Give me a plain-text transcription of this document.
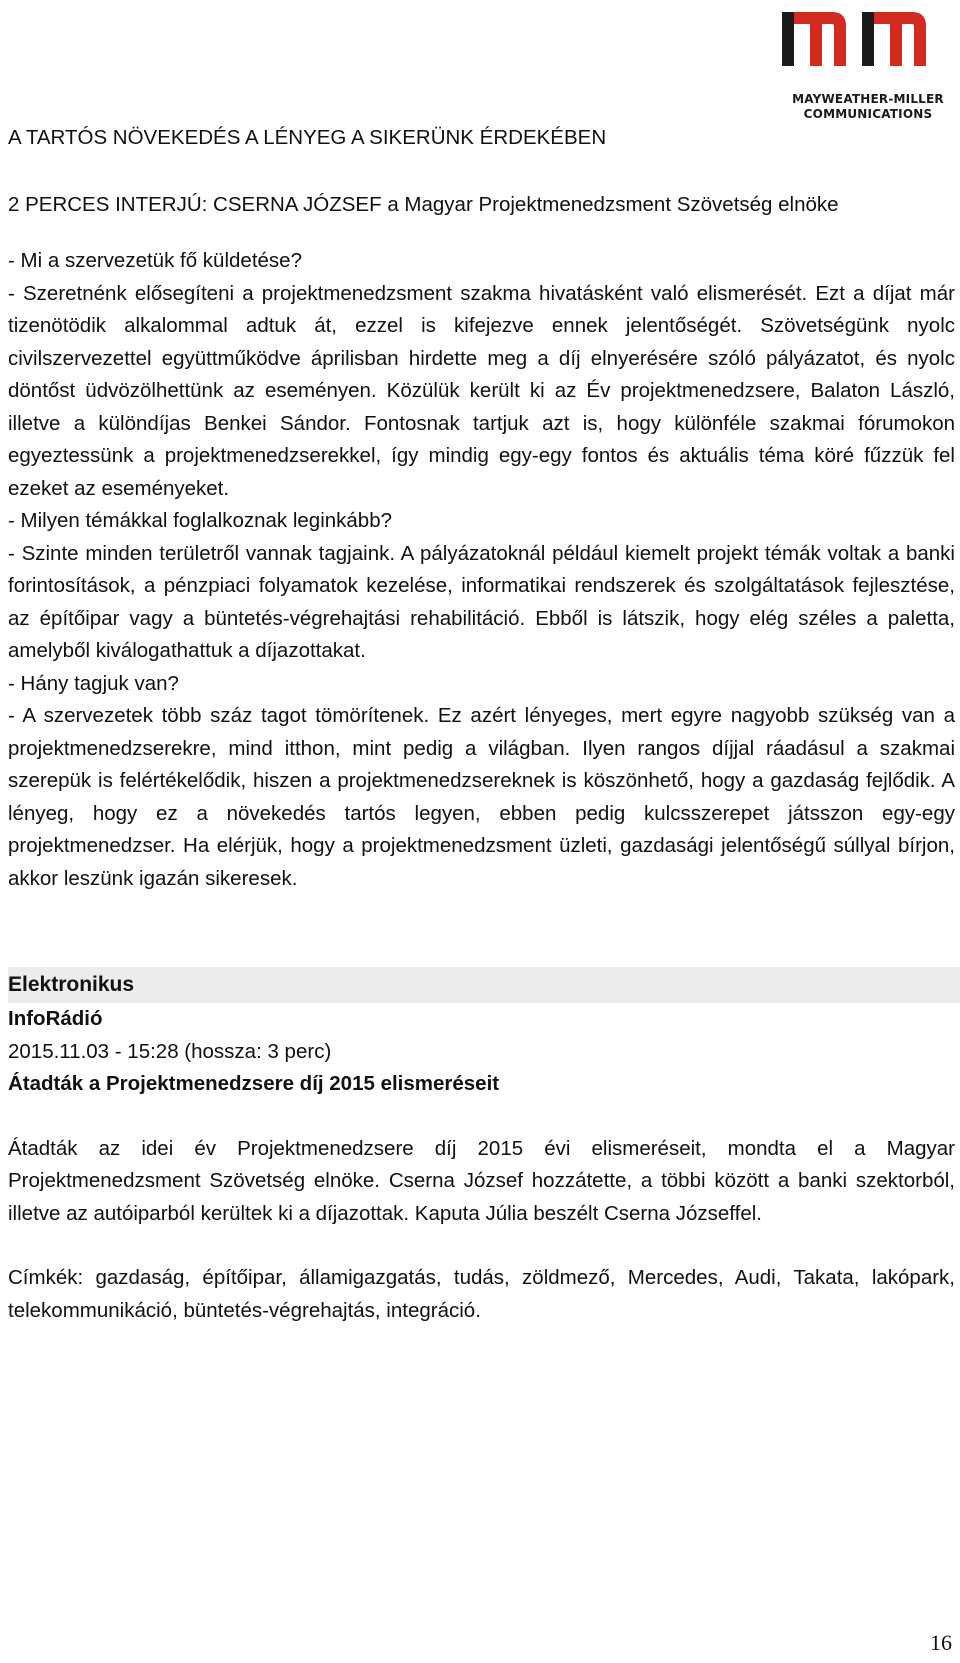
MAYWEATHER-MILLER
COMMUNICATIONS

A TARTÓS NÖVEKEDÉS A LÉNYEG A SIKERÜNK ÉRDEKÉBEN

2 PERCES INTERJÚ: CSERNA JÓZSEF a Magyar Projektmenedzsment Szövetség elnöke

- Mi a szervezetük fő küldetése?

- Szeretnénk elősegíteni a projektmenedzsment szakma hivatásként való elismerését. Ezt a díjat már tizenötödik alkalommal adtuk át, ezzel is kifejezve ennek jelentőségét. Szövetségünk nyolc civilszervezettel együttműködve áprilisban hirdette meg a díj elnyerésére szóló pályázatot, és nyolc döntőst üdvözölhettünk az eseményen. Közülük került ki az Év projektmenedzsere, Balaton László, illetve a különdíjas Benkei Sándor. Fontosnak tartjuk azt is, hogy különféle szakmai fórumokon egyeztessünk a projektmenedzserekkel, így mindig egy-egy fontos és aktuális téma köré fűzzük fel ezeket az eseményeket.

- Milyen témákkal foglalkoznak leginkább?

- Szinte minden területről vannak tagjaink. A pályázatoknál például kiemelt projekt témák voltak a banki forintosítások, a pénzpiaci folyamatok kezelése, informatikai rendszerek és szolgáltatások fejlesztése, az építőipar vagy a büntetés-végrehajtási rehabilitáció. Ebből is látszik, hogy elég széles a paletta, amelyből kiválogathattuk a díjazottakat.

- Hány tagjuk van?

- A szervezetek több száz tagot tömörítenek. Ez azért lényeges, mert egyre nagyobb szükség van a projektmenedzserekre, mind itthon, mint pedig a világban. Ilyen rangos díjjal ráadásul a szakmai szerepük is felértékelődik, hiszen a projektmenedzsereknek is köszönhető, hogy a gazdaság fejlődik. A lényeg, hogy ez a növekedés tartós legyen, ebben pedig kulcsszerepet játsszon egy-egy projektmenedzser. Ha elérjük, hogy a projektmenedzsment üzleti, gazdasági jelentőségű súllyal bírjon, akkor leszünk igazán sikeresek.

Elektronikus

InfoRádió

2015.11.03 - 15:28 (hossza: 3 perc)

Átadták a Projektmenedzsere díj 2015 elismeréseit

Átadták az idei év Projektmenedzsere díj 2015 évi elismeréseit, mondta el a Magyar Projektmenedzsment Szövetség elnöke. Cserna József hozzátette, a többi között a banki szektorból, illetve az autóiparból kerültek ki a díjazottak. Kaputa Júlia beszélt Cserna Józseffel.

Címkék: gazdaság, építőipar, államigazgatás, tudás, zöldmező, Mercedes, Audi, Takata, lakópark, telekommunikáció, büntetés-végrehajtás, integráció.

16
